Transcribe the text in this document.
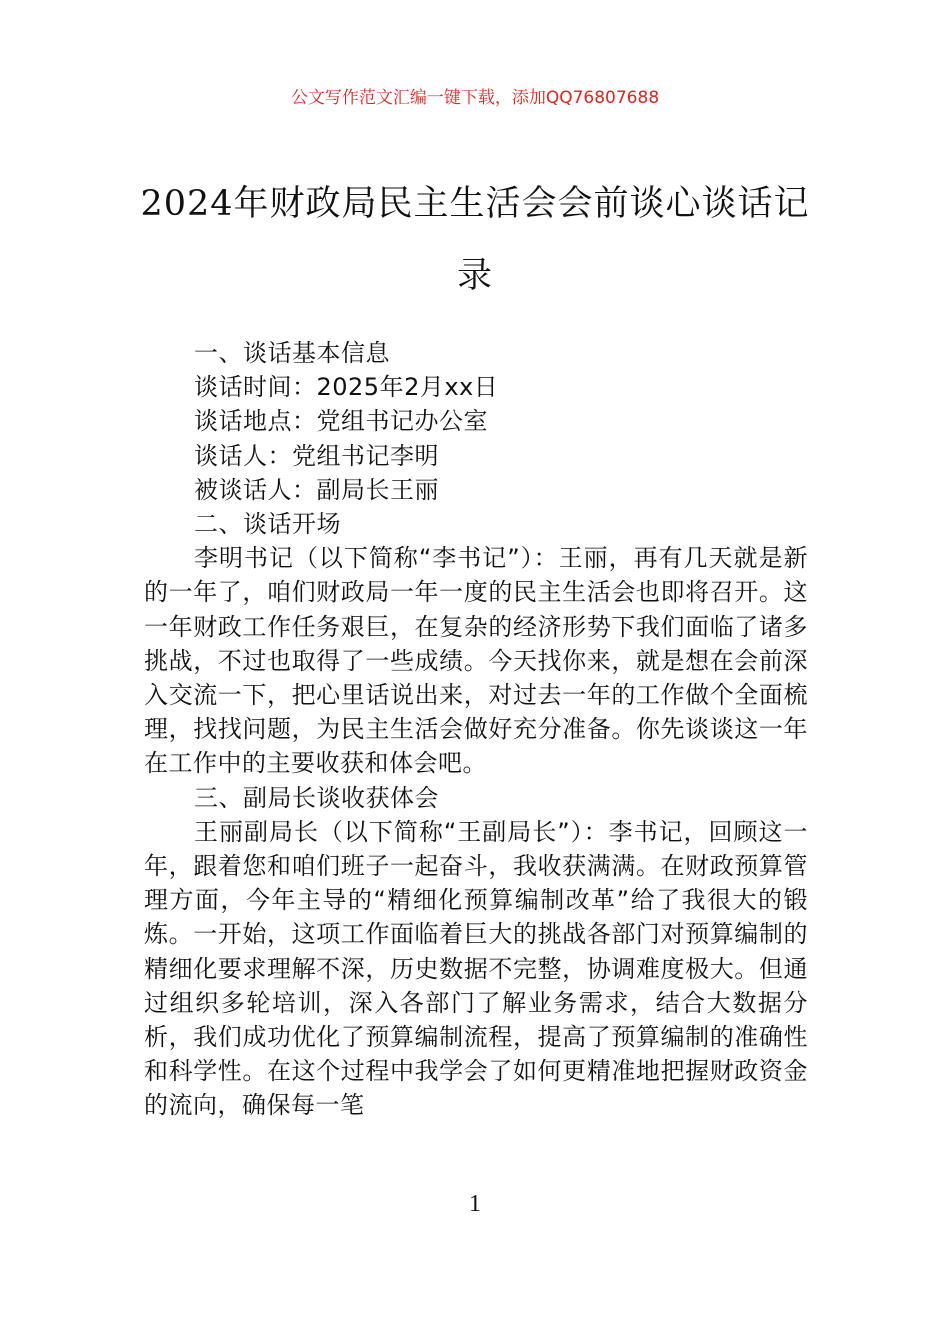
公文写作范文汇编一键下载，添加QQ76807688
2024年财政局民主生活会会前谈心谈话记录

一、谈话基本信息

谈话时间：2025年2月xx日

谈话地点：党组书记办公室

谈话人：党组书记李明

被谈话人：副局长王丽

二、谈话开场

李明书记（以下简称“李书记”）：王丽，再有几天就是新的一年了，咱们财政局一年一度的民主生活会也即将召开。这一年财政工作任务艰巨，在复杂的经济形势下我们面临了诸多挑战，不过也取得了一些成绩。今天找你来，就是想在会前深入交流一下，把心里话说出来，对过去一年的工作做个全面梳理，找找问题，为民主生活会做好充分准备。你先谈谈这一年在工作中的主要收获和体会吧。

三、副局长谈收获体会

王丽副局长（以下简称“王副局长”）：李书记，回顾这一年，跟着您和咱们班子一起奋斗，我收获满满。在财政预算管理方面，今年主导的“精细化预算编制改革”给了我很大的锻炼。一开始，这项工作面临着巨大的挑战各部门对预算编制的精细化要求理解不深，历史数据不完整，协调难度极大。但通过组织多轮培训，深入各部门了解业务需求，结合大数据分析，我们成功优化了预算编制流程，提高了预算编制的准确性和科学性。在这个过程中我学会了如何更精准地把握财政资金的流向，确保每一笔

1
